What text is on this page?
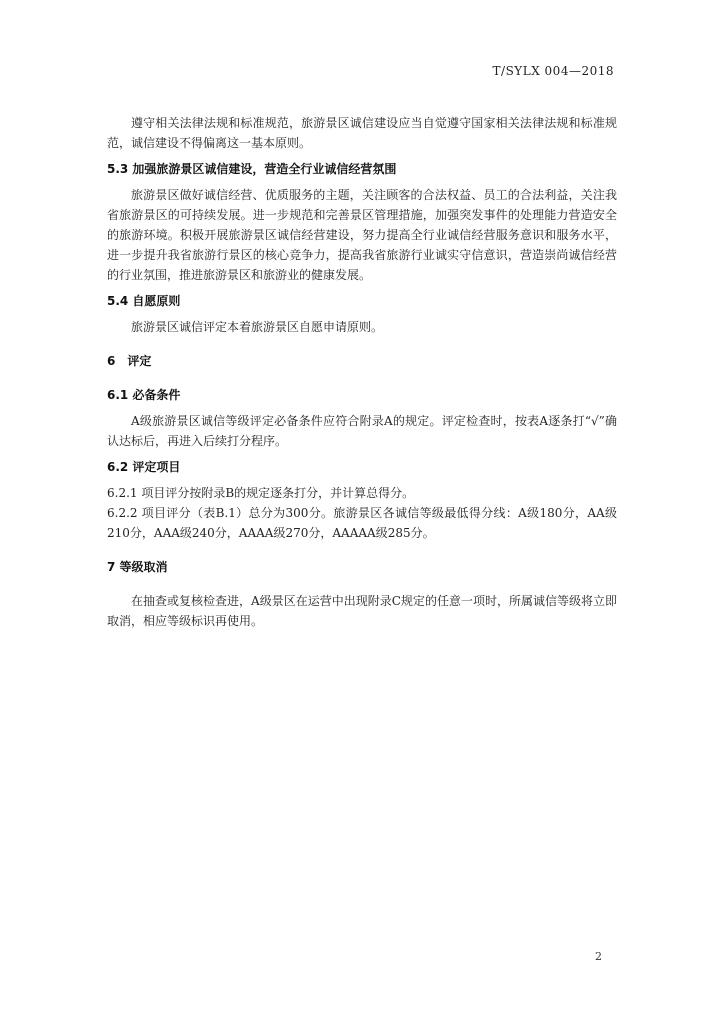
T/SYLX 004—2018

遵守相关法律法规和标准规范，旅游景区诚信建设应当自觉遵守国家相关法律法规和标准规范，诚信建设不得偏离这一基本原则。

5.3 加强旅游景区诚信建设，营造全行业诚信经营氛围

旅游景区做好诚信经营、优质服务的主题，关注顾客的合法权益、员工的合法利益，关注我省旅游景区的可持续发展。进一步规范和完善景区管理措施，加强突发事件的处理能力营造安全的旅游环境。积极开展旅游景区诚信经营建设，努力提高全行业诚信经营服务意识和服务水平，进一步提升我省旅游行景区的核心竞争力，提高我省旅游行业诚实守信意识，营造崇尚诚信经营的行业氛围，推进旅游景区和旅游业的健康发展。

5.4 自愿原则

旅游景区诚信评定本着旅游景区自愿申请原则。

6　评定
6.1 必备条件

A级旅游景区诚信等级评定必备条件应符合附录A的规定。评定检查时，按表A逐条打“√”确认达标后，再进入后续打分程序。

6.2 评定项目

6.2.1 项目评分按附录B的规定逐条打分，并计算总得分。

6.2.2 项目评分（表B.1）总分为300分。旅游景区各诚信等级最低得分线：A级180分，AA级210分，AAA级240分，AAAA级270分，AAAAA级285分。

7 等级取消

在抽查或复核检查进，A级景区在运营中出现附录C规定的任意一项时，所属诚信等级将立即取消，相应等级标识再使用。

2
